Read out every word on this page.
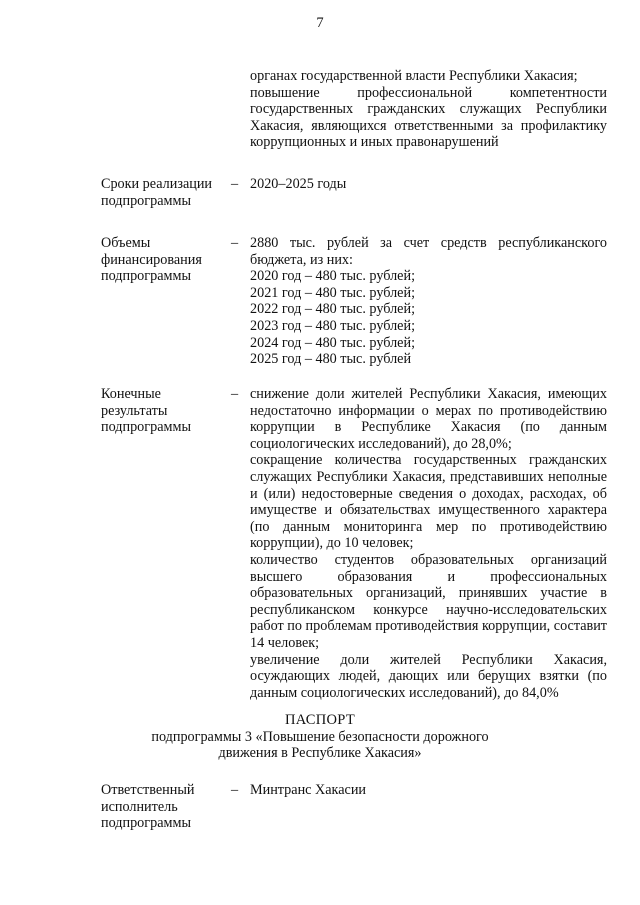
7

органах государственной власти Республики Хакасия;

повышение профессиональной компетентности государственных гражданских служащих Республики Хакасия, являющихся ответственными за профилактику коррупционных и иных правонарушений

Сроки реализации подпрограммы

– 2020–2025 годы

Объемы финансирования подпрограммы

– 2880 тыс. рублей за счет средств республиканского бюджета, из них:

2020 год – 480 тыс. рублей;

2021 год – 480 тыс. рублей;

2022 год – 480 тыс. рублей;

2023 год – 480 тыс. рублей;

2024 год – 480 тыс. рублей;

2025 год – 480 тыс. рублей

Конечные результаты подпрограммы

– снижение доли жителей Республики Хакасия, имеющих недостаточно информации о мерах по противодействию коррупции в Республике Хакасия (по данным социологических исследований), до 28,0%;

сокращение количества государственных гражданских служащих Республики Хакасия, представивших неполные и (или) недостоверные сведения о доходах, расходах, об имуществе и обязательствах имущественного характера (по данным мониторинга мер по противодействию коррупции), до 10 человек;

количество студентов образовательных организаций высшего образования и профессиональных образовательных организаций, принявших участие в республиканском конкурсе научно-исследовательских работ по проблемам противодействия коррупции, составит 14 человек;

увеличение доли жителей Республики Хакасия, осуждающих людей, дающих или берущих взятки (по данным социологических исследований), до 84,0%

ПАСПОРТ
подпрограммы 3 «Повышение безопасности дорожного
движения в Республике Хакасия»

Ответственный исполнитель подпрограммы

– Минтранс Хакасии
